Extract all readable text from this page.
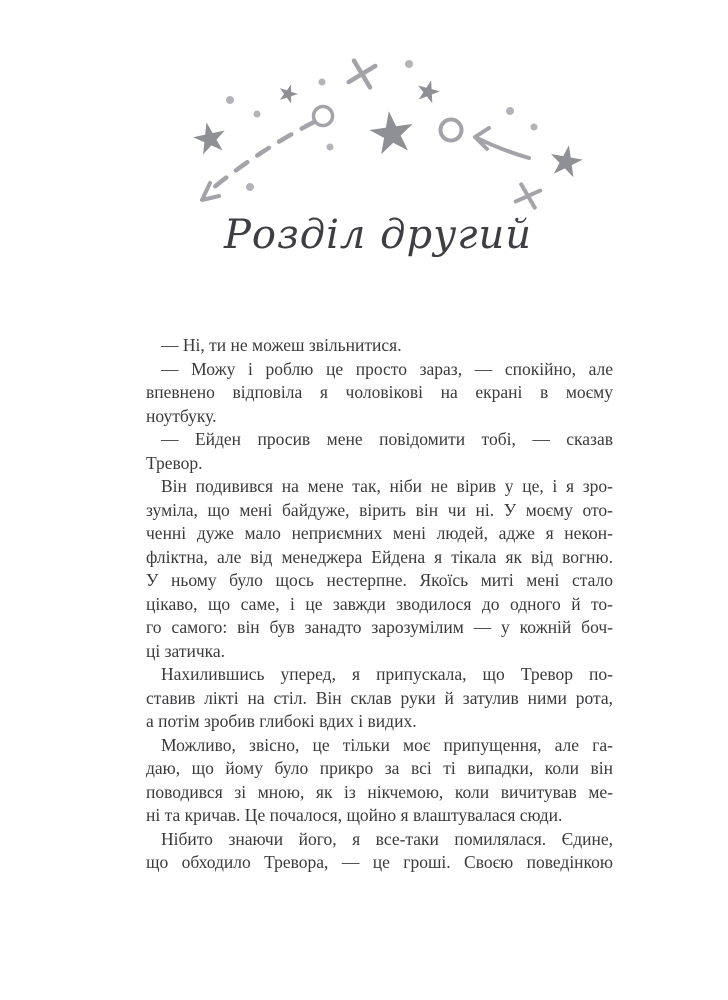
Розділ другий
— Ні, ти не можеш звільнитися.
— Можу і роблю це просто зараз, — спокійно, але
впевнено відповіла я чоловікові на екрані в моєму
ноутбуку.
— Ейден просив мене повідомити тобі, — сказав
Тревор.
Він подивився на мене так, ніби не вірив у це, і я зро-
зуміла, що мені байдуже, вірить він чи ні. У моєму ото-
ченні дуже мало неприємних мені людей, адже я некон-
фліктна, але від менеджера Ейдена я тікала як від вогню.
У ньому було щось нестерпне. Якоїсь миті мені стало
цікаво, що саме, і це завжди зводилося до одного й то-
го самого: він був занадто зарозумілим — у кожній боч-
ці затичка.
Нахилившись уперед, я припускала, що Тревор по-
ставив лікті на стіл. Він склав руки й затулив ними рота,
а потім зробив глибокі вдих і видих.
Можливо, звісно, це тільки моє припущення, але га-
даю, що йому було прикро за всі ті випадки, коли він
поводився зі мною, як із нікчемою, коли вичитував ме-
ні та кричав. Це почалося, щойно я влаштувалася сюди.
Нібито знаючи його, я все-таки помилялася. Єдине,
що обходило Тревора, — це гроші. Своєю поведінкою
